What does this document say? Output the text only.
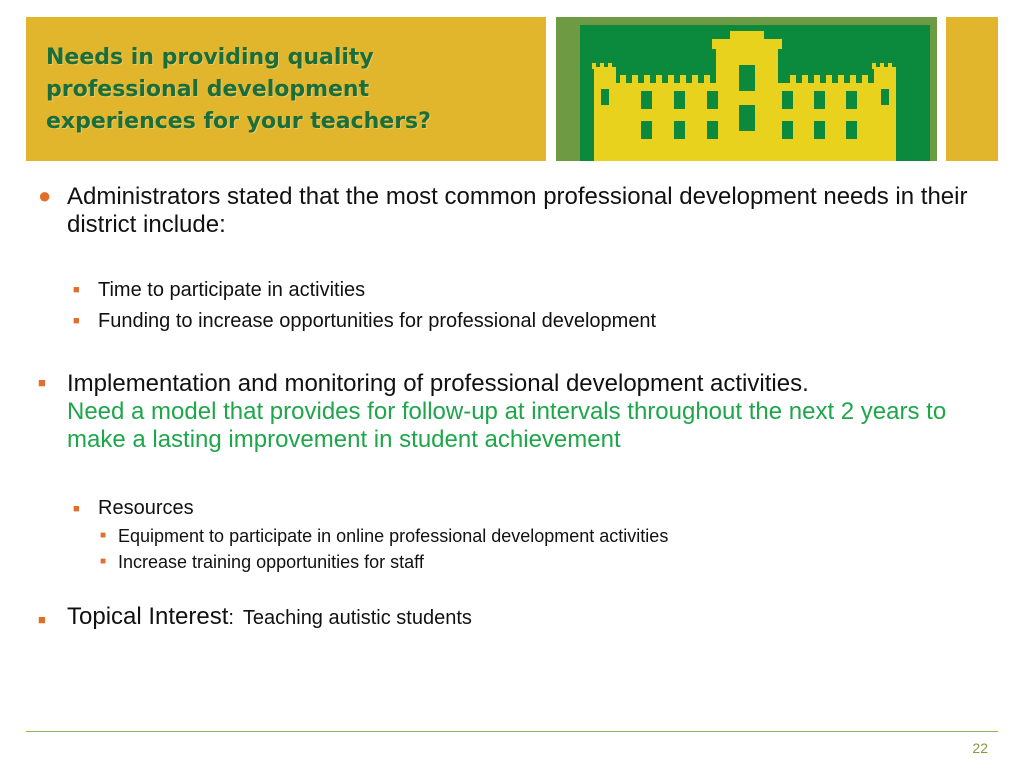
Needs in providing quality professional development experiences for your teachers?
● Administrators stated that the most common professional development needs in their district include:
■ Time to participate in activities
■ Funding to increase opportunities for professional development
■ Implementation and monitoring of professional development activities.
Need a model that provides for follow-up at intervals throughout the next 2 years to make a lasting improvement in student achievement
■ Resources
■ Equipment to participate in online professional development activities
■ Increase training opportunities for staff
■ Topical Interest: Teaching autistic students
22
